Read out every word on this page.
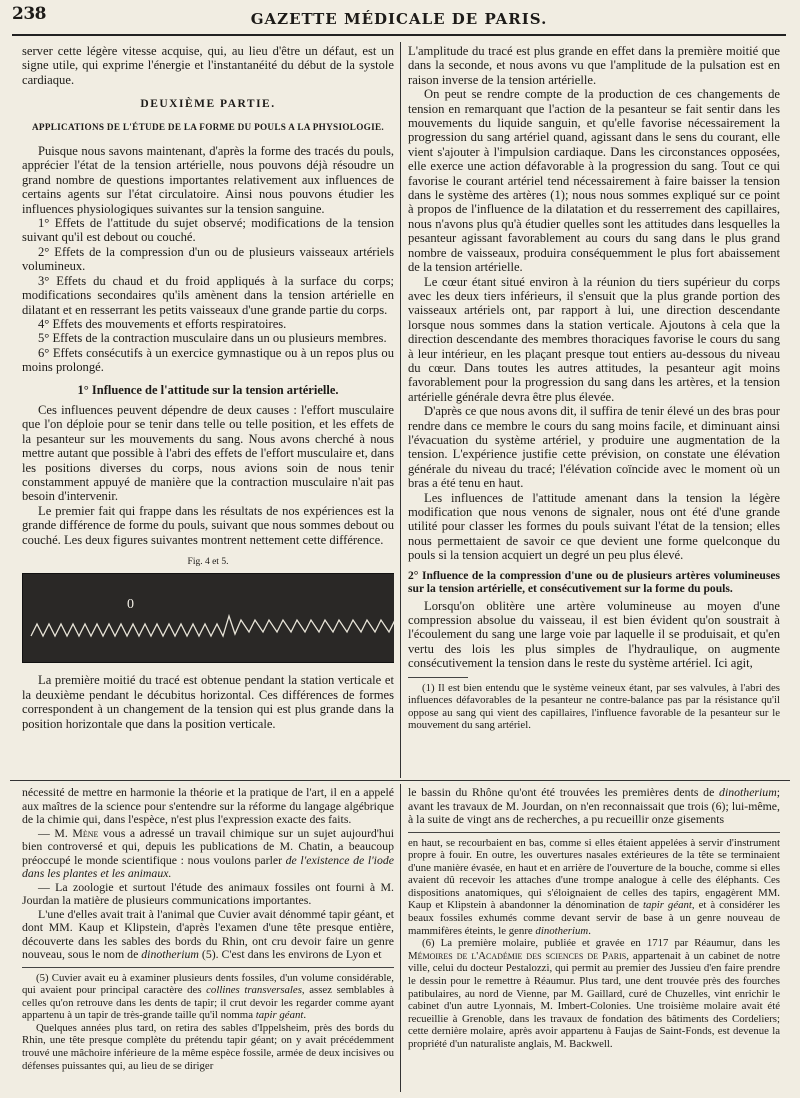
GAZETTE MÉDICALE DE PARIS.
238

server cette légère vitesse acquise, qui, au lieu d'être un défaut, est un signe utile, qui exprime l'énergie et l'instantanéité du début de la systole cardiaque.

DEUXIÈME PARTIE.
APPLICATIONS DE L'ÉTUDE DE LA FORME DU POULS A LA PHYSIOLOGIE.

Puisque nous savons maintenant, d'après la forme des tracés du pouls, apprécier l'état de la tension artérielle, nous pouvons déjà résoudre un grand nombre de questions importantes relativement aux influences de certains agents sur l'état circulatoire. Ainsi nous pouvons étudier les influences physiologiques suivantes sur la tension sanguine.

1° Effets de l'attitude du sujet observé; modifications de la tension suivant qu'il est debout ou couché.

2° Effets de la compression d'un ou de plusieurs vaisseaux artériels volumineux.

3° Effets du chaud et du froid appliqués à la surface du corps; modifications secondaires qu'ils amènent dans la tension artérielle en dilatant et en resserrant les petits vaisseaux d'une grande partie du corps.

4° Effets des mouvements et efforts respiratoires.

5° Effets de la contraction musculaire dans un ou plusieurs membres.

6° Effets consécutifs à un exercice gymnastique ou à un repos plus ou moins prolongé.

1° Influence de l'attitude sur la tension artérielle.

Ces influences peuvent dépendre de deux causes : l'effort musculaire que l'on déploie pour se tenir dans telle ou telle position, et les effets de la pesanteur sur les mouvements du sang. Nous avons cherché à nous mettre autant que possible à l'abri des effets de l'effort musculaire et, dans les positions diverses du corps, nous avions soin de nous tenir constamment appuyé de manière que la contraction musculaire n'ait pas besoin d'intervenir.

Le premier fait qui frappe dans les résultats de nos expériences est la grande différence de forme du pouls, suivant que nous sommes debout ou couché. Les deux figures suivantes montrent nettement cette différence.

Fig. 4 et 5.
0

La première moitié du tracé est obtenue pendant la station verticale et la deuxième pendant le décubitus horizontal. Ces différences de formes correspondent à un changement de la tension qui est plus grande dans la position horizontale que dans la position verticale.

L'amplitude du tracé est plus grande en effet dans la première moitié que dans la seconde, et nous avons vu que l'amplitude de la pulsation est en raison inverse de la tension artérielle.

On peut se rendre compte de la production de ces changements de tension en remarquant que l'action de la pesanteur se fait sentir dans les mouvements du liquide sanguin, et qu'elle favorise nécessairement la progression du sang artériel quand, agissant dans le sens du courant, elle vient s'ajouter à l'impulsion cardiaque. Dans les circonstances opposées, elle exerce une action défavorable à la progression du sang. Tout ce qui favorise le courant artériel tend nécessairement à faire baisser la tension dans le système des artères (1); nous nous sommes expliqué sur ce point à propos de l'influence de la dilatation et du resserrement des capillaires, nous n'avons plus qu'à étudier quelles sont les attitudes dans lesquelles la pesanteur agissant favorablement au cours du sang dans le plus grand nombre de vaisseaux, produira conséquemment le plus fort abaissement de la tension artérielle.

Le cœur étant situé environ à la réunion du tiers supérieur du corps avec les deux tiers inférieurs, il s'ensuit que la plus grande portion des vaisseaux artériels ont, par rapport à lui, une direction descendante lorsque nous sommes dans la station verticale. Ajoutons à cela que la direction descendante des membres thoraciques favorise le cours du sang à leur intérieur, en les plaçant presque tout entiers au-dessous du niveau du cœur. Dans toutes les autres attitudes, la pesanteur agit moins favorablement pour la progression du sang dans les artères, et la tension artérielle générale devra être plus élevée.

D'après ce que nous avons dit, il suffira de tenir élevé un des bras pour rendre dans ce membre le cours du sang moins facile, et diminuant ainsi l'évacuation du système artériel, y produire une augmentation de la tension. L'expérience justifie cette prévision, on constate une élévation générale du niveau du tracé; l'élévation coïncide avec le moment où un bras a été tenu en haut.

Les influences de l'attitude amenant dans la tension la légère modification que nous venons de signaler, nous ont été d'une grande utilité pour classer les formes du pouls suivant l'état de la tension; elles nous permettaient de savoir ce que devient une forme quelconque du pouls si la tension acquiert un degré un peu plus élevé.

2° Influence de la compression d'une ou de plusieurs artères volumineuses sur la tension artérielle, et consécutivement sur la forme du pouls.

Lorsqu'on oblitère une artère volumineuse au moyen d'une compression absolue du vaisseau, il est bien évident qu'on soustrait à l'écoulement du sang une large voie par laquelle il se produisait, et qu'en vertu des lois les plus simples de l'hydraulique, on augmente consécutivement la tension dans le reste du système artériel. Ici agit,

(1) Il est bien entendu que le système veineux étant, par ses valvules, à l'abri des influences défavorables de la pesanteur ne contre-balance pas par la résistance qu'il oppose au sang qui vient des capillaires, l'influence favorable de la pesanteur sur le mouvement du sang artériel.

nécessité de mettre en harmonie la théorie et la pratique de l'art, il en a appelé aux maîtres de la science pour s'entendre sur la réforme du langage algébrique de la chimie qui, dans l'espèce, n'est plus l'expression exacte des faits.

— M. Mène vous a adressé un travail chimique sur un sujet aujourd'hui bien controversé et qui, depuis les publications de M. Chatin, a beaucoup préoccupé le monde scientifique : nous voulons parler de l'existence de l'iode dans les plantes et les animaux.

— La zoologie et surtout l'étude des animaux fossiles ont fourni à M. Jourdan la matière de plusieurs communications importantes.

L'une d'elles avait trait à l'animal que Cuvier avait dénommé tapir géant, et dont MM. Kaup et Klipstein, d'après l'examen d'une tête presque entière, découverte dans les sables des bords du Rhin, ont cru devoir faire un genre nouveau, sous le nom de dinotherium (5). C'est dans les environs de Lyon et

(5) Cuvier avait eu à examiner plusieurs dents fossiles, d'un volume considérable, qui avaient pour principal caractère des collines transversales, assez semblables à celles qu'on retrouve dans les dents de tapir; il crut devoir les regarder comme ayant appartenu à un tapir de très-grande taille qu'il nomma tapir géant.

Quelques années plus tard, on retira des sables d'Ippelsheim, près des bords du Rhin, une tête presque complète du prétendu tapir géant; on y avait précédemment trouvé une mâchoire inférieure de la même espèce fossile, armée de deux incisives ou défenses puissantes qui, au lieu de se diriger

le bassin du Rhône qu'ont été trouvées les premières dents de dinotherium; avant les travaux de M. Jourdan, on n'en reconnaissait que trois (6); lui-même, à la suite de vingt ans de recherches, a pu recueillir onze gisements

en haut, se recourbaient en bas, comme si elles étaient appelées à servir d'instrument propre à fouir. En outre, les ouvertures nasales extérieures de la tête se terminaient d'une manière évasée, en haut et en arrière de l'ouverture de la bouche, comme si elles avaient dû recevoir les attaches d'une trompe analogue à celle des éléphants. Ces dispositions anatomiques, qui s'éloignaient de celles des tapirs, engagèrent MM. Kaup et Klipstein à abandonner la dénomination de tapir géant, et à considérer les beaux fossiles exhumés comme devant servir de base à un genre nouveau de mammifères éteints, le genre dinotherium.

(6) La première molaire, publiée et gravée en 1717 par Réaumur, dans les Mémoires de l'Académie des sciences de Paris, appartenait à un cabinet de notre ville, celui du docteur Pestalozzi, qui permit au premier des Jussieu d'en faire prendre le dessin pour le remettre à Réaumur. Plus tard, une dent trouvée près des fourches patibulaires, au nord de Vienne, par M. Gaillard, curé de Chuzelles, vint enrichir le cabinet d'un autre Lyonnais, M. Imbert-Colonies. Une troisième molaire avait été recueillie à Grenoble, dans les travaux de fondation des bâtiments des Cordeliers; cette dernière molaire, après avoir appartenu à Faujas de Saint-Fonds, est devenue la propriété d'un naturaliste anglais, M. Backwell.
